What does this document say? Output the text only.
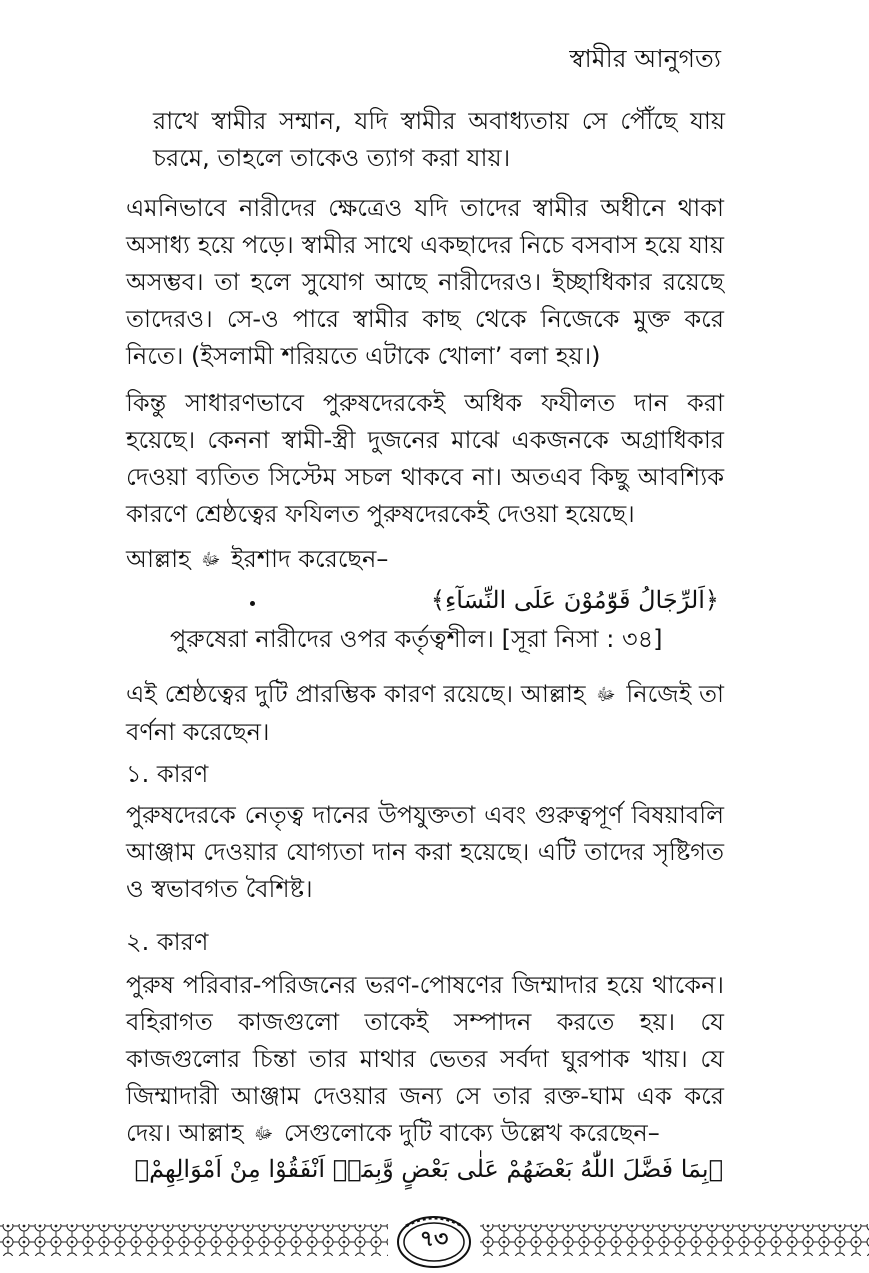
স্বামীর আনুগত্য

রাখে স্বামীর সম্মান, যদি স্বামীর অবাধ্যতায় সে পৌঁছে যায় চরমে, তাহলে তাকেও ত্যাগ করা যায়।

এমনিভাবে নারীদের ক্ষেত্রেও যদি তাদের স্বামীর অধীনে থাকা অসাধ্য হয়ে পড়ে। স্বামীর সাথে একছাদের নিচে বসবাস হয়ে যায় অসম্ভব। তা হলে সুযোগ আছে নারীদেরও। ইচ্ছাধিকার রয়েছে তাদেরও। সে-ও পারে স্বামীর কাছ থেকে নিজেকে মুক্ত করে নিতে। (ইসলামী শরিয়তে এটাকে খোলা’ বলা হয়।)

কিন্তু সাধারণভাবে পুরুষদেরকেই অধিক ফযীলত দান করা হয়েছে। কেননা স্বামী-স্ত্রী দুজনের মাঝে একজনকে অগ্রাধিকার দেওয়া ব্যতিত সিস্টেম সচল থাকবে না। অতএব কিছু আবশ্যিক কারণে শ্রেষ্ঠত্বের ফযিলত পুরুষদেরকেই দেওয়া হয়েছে।

আল্লাহ ﷻ ইরশাদ করেছেন–

﴿اَلرِّجَالُ قَوّٰمُوْنَ عَلَى النِّسَآءِ﴾

পুরুষেরা নারীদের ওপর কর্তৃত্বশীল। [সূরা নিসা : ৩৪]

এই শ্রেষ্ঠত্বের দুটি প্রারম্ভিক কারণ রয়েছে। আল্লাহ ﷻ নিজেই তা বর্ণনা করেছেন।

১. কারণ

পুরুষদেরকে নেতৃত্ব দানের উপযুক্ততা এবং গুরুত্বপূর্ণ বিষয়াবলি আঞ্জাম দেওয়ার যোগ্যতা দান করা হয়েছে। এটি তাদের সৃষ্টিগত ও স্বভাবগত বৈশিষ্ট।

২. কারণ

পুরুষ পরিবার-পরিজনের ভরণ-পোষণের জিম্মাদার হয়ে থাকেন। বহিরাগত কাজগুলো তাকেই সম্পাদন করতে হয়। যে কাজগুলোর চিন্তা তার মাথার ভেতর সর্বদা ঘুরপাক খায়। যে জিম্মাদারী আঞ্জাম দেওয়ার জন্য সে তার রক্ত-ঘাম এক করে দেয়। আল্লাহ ﷻ সেগুলোকে দুটি বাক্যে উল্লেখ করেছেন–

﴿بِمَا فَضَّلَ اللّٰهُ بَعْضَهُمْ عَلٰى بَعْضٍ وَّبِمَاۤ اَنْفَقُوْا مِنْ اَمْوَالِهِمْ﴾

৭৩
